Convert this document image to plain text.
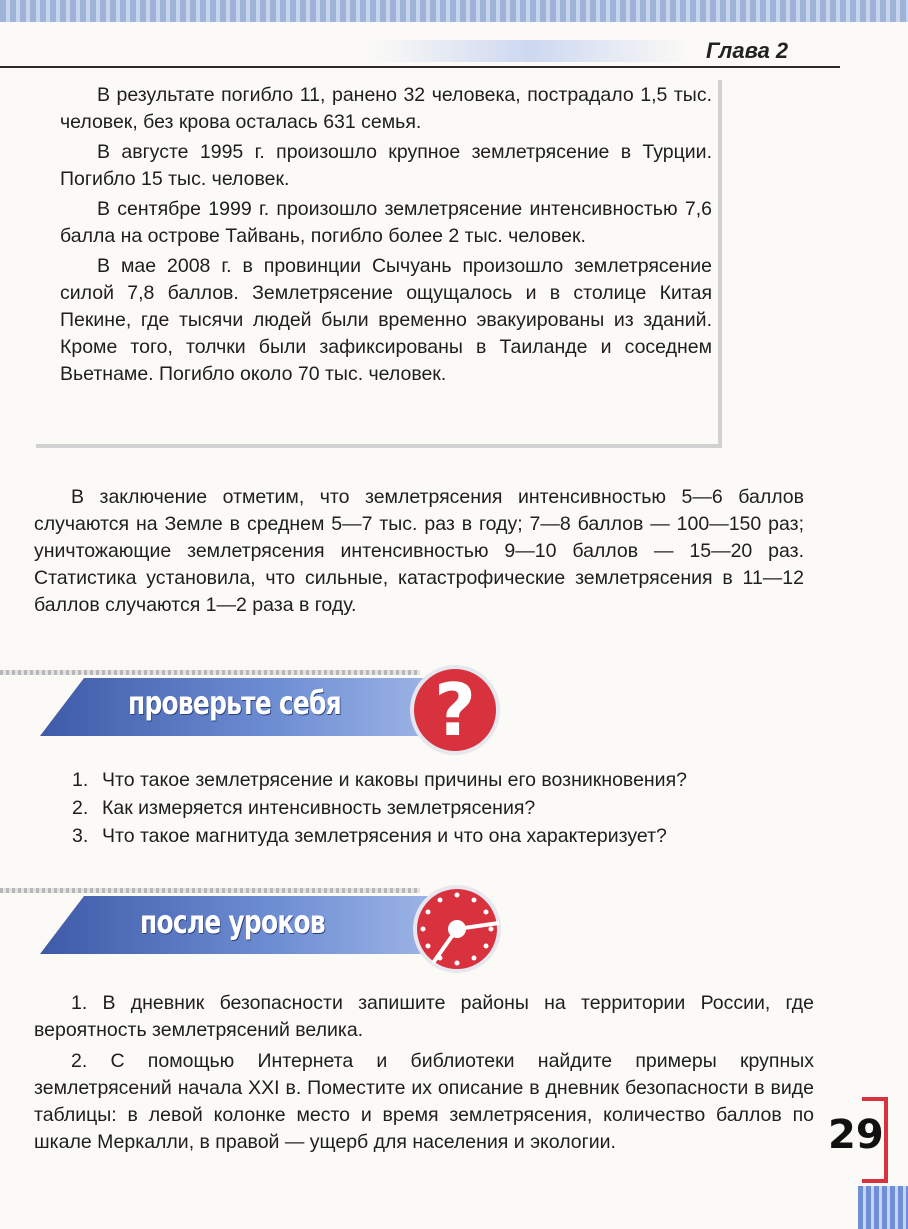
Глава 2

В результате погибло 11, ранено 32 человека, пострадало 1,5 тыс. человек, без крова осталась 631 семья.

В августе 1995 г. произошло крупное землетрясение в Турции. Погибло 15 тыс. человек.

В сентябре 1999 г. произошло землетрясение интенсивностью 7,6 балла на острове Тайвань, погибло более 2 тыс. человек.

В мае 2008 г. в провинции Сычуань произошло землетрясение силой 7,8 баллов. Землетрясение ощущалось и в столице Китая Пекине, где тысячи людей были временно эвакуированы из зданий. Кроме того, толчки были зафиксированы в Таиланде и соседнем Вьетнаме. Погибло около 70 тыс. человек.

В заключение отметим, что землетрясения интенсивностью 5—6 баллов случаются на Земле в среднем 5—7 тыс. раз в году; 7—8 баллов — 100—150 раз; уничтожающие землетрясения интенсивностью 9—10 баллов — 15—20 раз. Статистика установила, что сильные, катастрофические землетрясения в 11—12 баллов случаются 1—2 раза в году.

проверьте себя	?
1. Что такое землетрясение и каковы причины его возникновения?
2. Как измеряется интенсивность землетрясения?
3. Что такое магнитуда землетрясения и что она характеризует?
после уроков

1. В дневник безопасности запишите районы на территории России, где вероятность землетрясений велика.

2. С помощью Интернета и библиотеки найдите примеры крупных землетрясений начала XXI в. Поместите их описание в дневник безопасности в виде таблицы: в левой колонке место и время землетрясения, количество баллов по шкале Меркалли, в правой — ущерб для населения и экологии.	29
